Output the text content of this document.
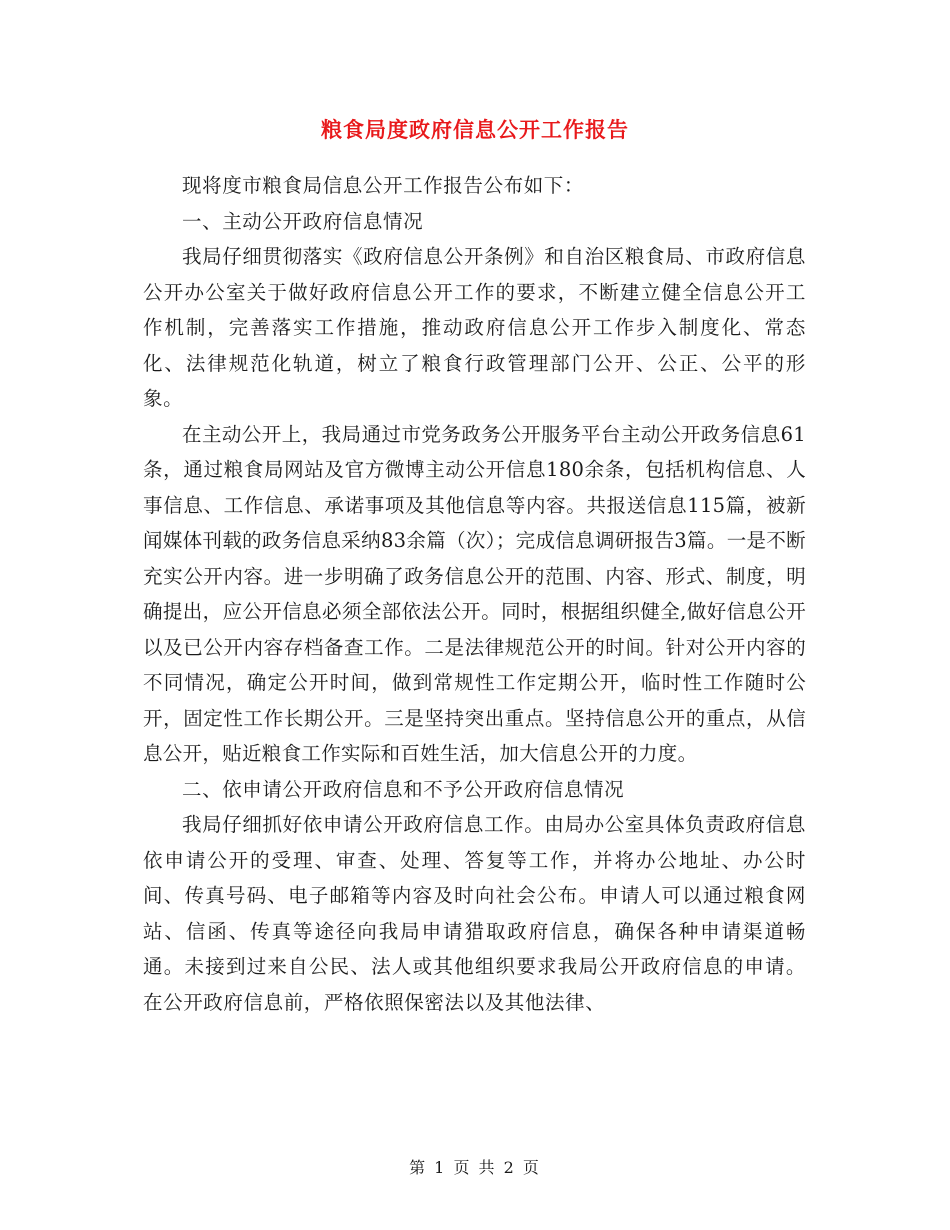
粮食局度政府信息公开工作报告

现将度市粮食局信息公开工作报告公布如下：

一、主动公开政府信息情况

我局仔细贯彻落实《政府信息公开条例》和自治区粮食局、市政府信息公开办公室关于做好政府信息公开工作的要求，不断建立健全信息公开工作机制，完善落实工作措施，推动政府信息公开工作步入制度化、常态化、法律规范化轨道，树立了粮食行政管理部门公开、公正、公平的形象。

在主动公开上，我局通过市党务政务公开服务平台主动公开政务信息61条，通过粮食局网站及官方微博主动公开信息180余条，包括机构信息、人事信息、工作信息、承诺事项及其他信息等内容。共报送信息115篇，被新闻媒体刊载的政务信息采纳83余篇（次）；完成信息调研报告3篇。一是不断充实公开内容。进一步明确了政务信息公开的范围、内容、形式、制度，明确提出，应公开信息必须全部依法公开。同时，根据组织健全,做好信息公开以及已公开内容存档备查工作。二是法律规范公开的时间。针对公开内容的不同情况，确定公开时间，做到常规性工作定期公开，临时性工作随时公开，固定性工作长期公开。三是坚持突出重点。坚持信息公开的重点，从信息公开，贴近粮食工作实际和百姓生活，加大信息公开的力度。

二、依申请公开政府信息和不予公开政府信息情况

我局仔细抓好依申请公开政府信息工作。由局办公室具体负责政府信息依申请公开的受理、审查、处理、答复等工作，并将办公地址、办公时间、传真号码、电子邮箱等内容及时向社会公布。申请人可以通过粮食网站、信函、传真等途径向我局申请猎取政府信息，确保各种申请渠道畅通。未接到过来自公民、法人或其他组织要求我局公开政府信息的申请。在公开政府信息前，严格依照保密法以及其他法律、

第 1 页 共 2 页
